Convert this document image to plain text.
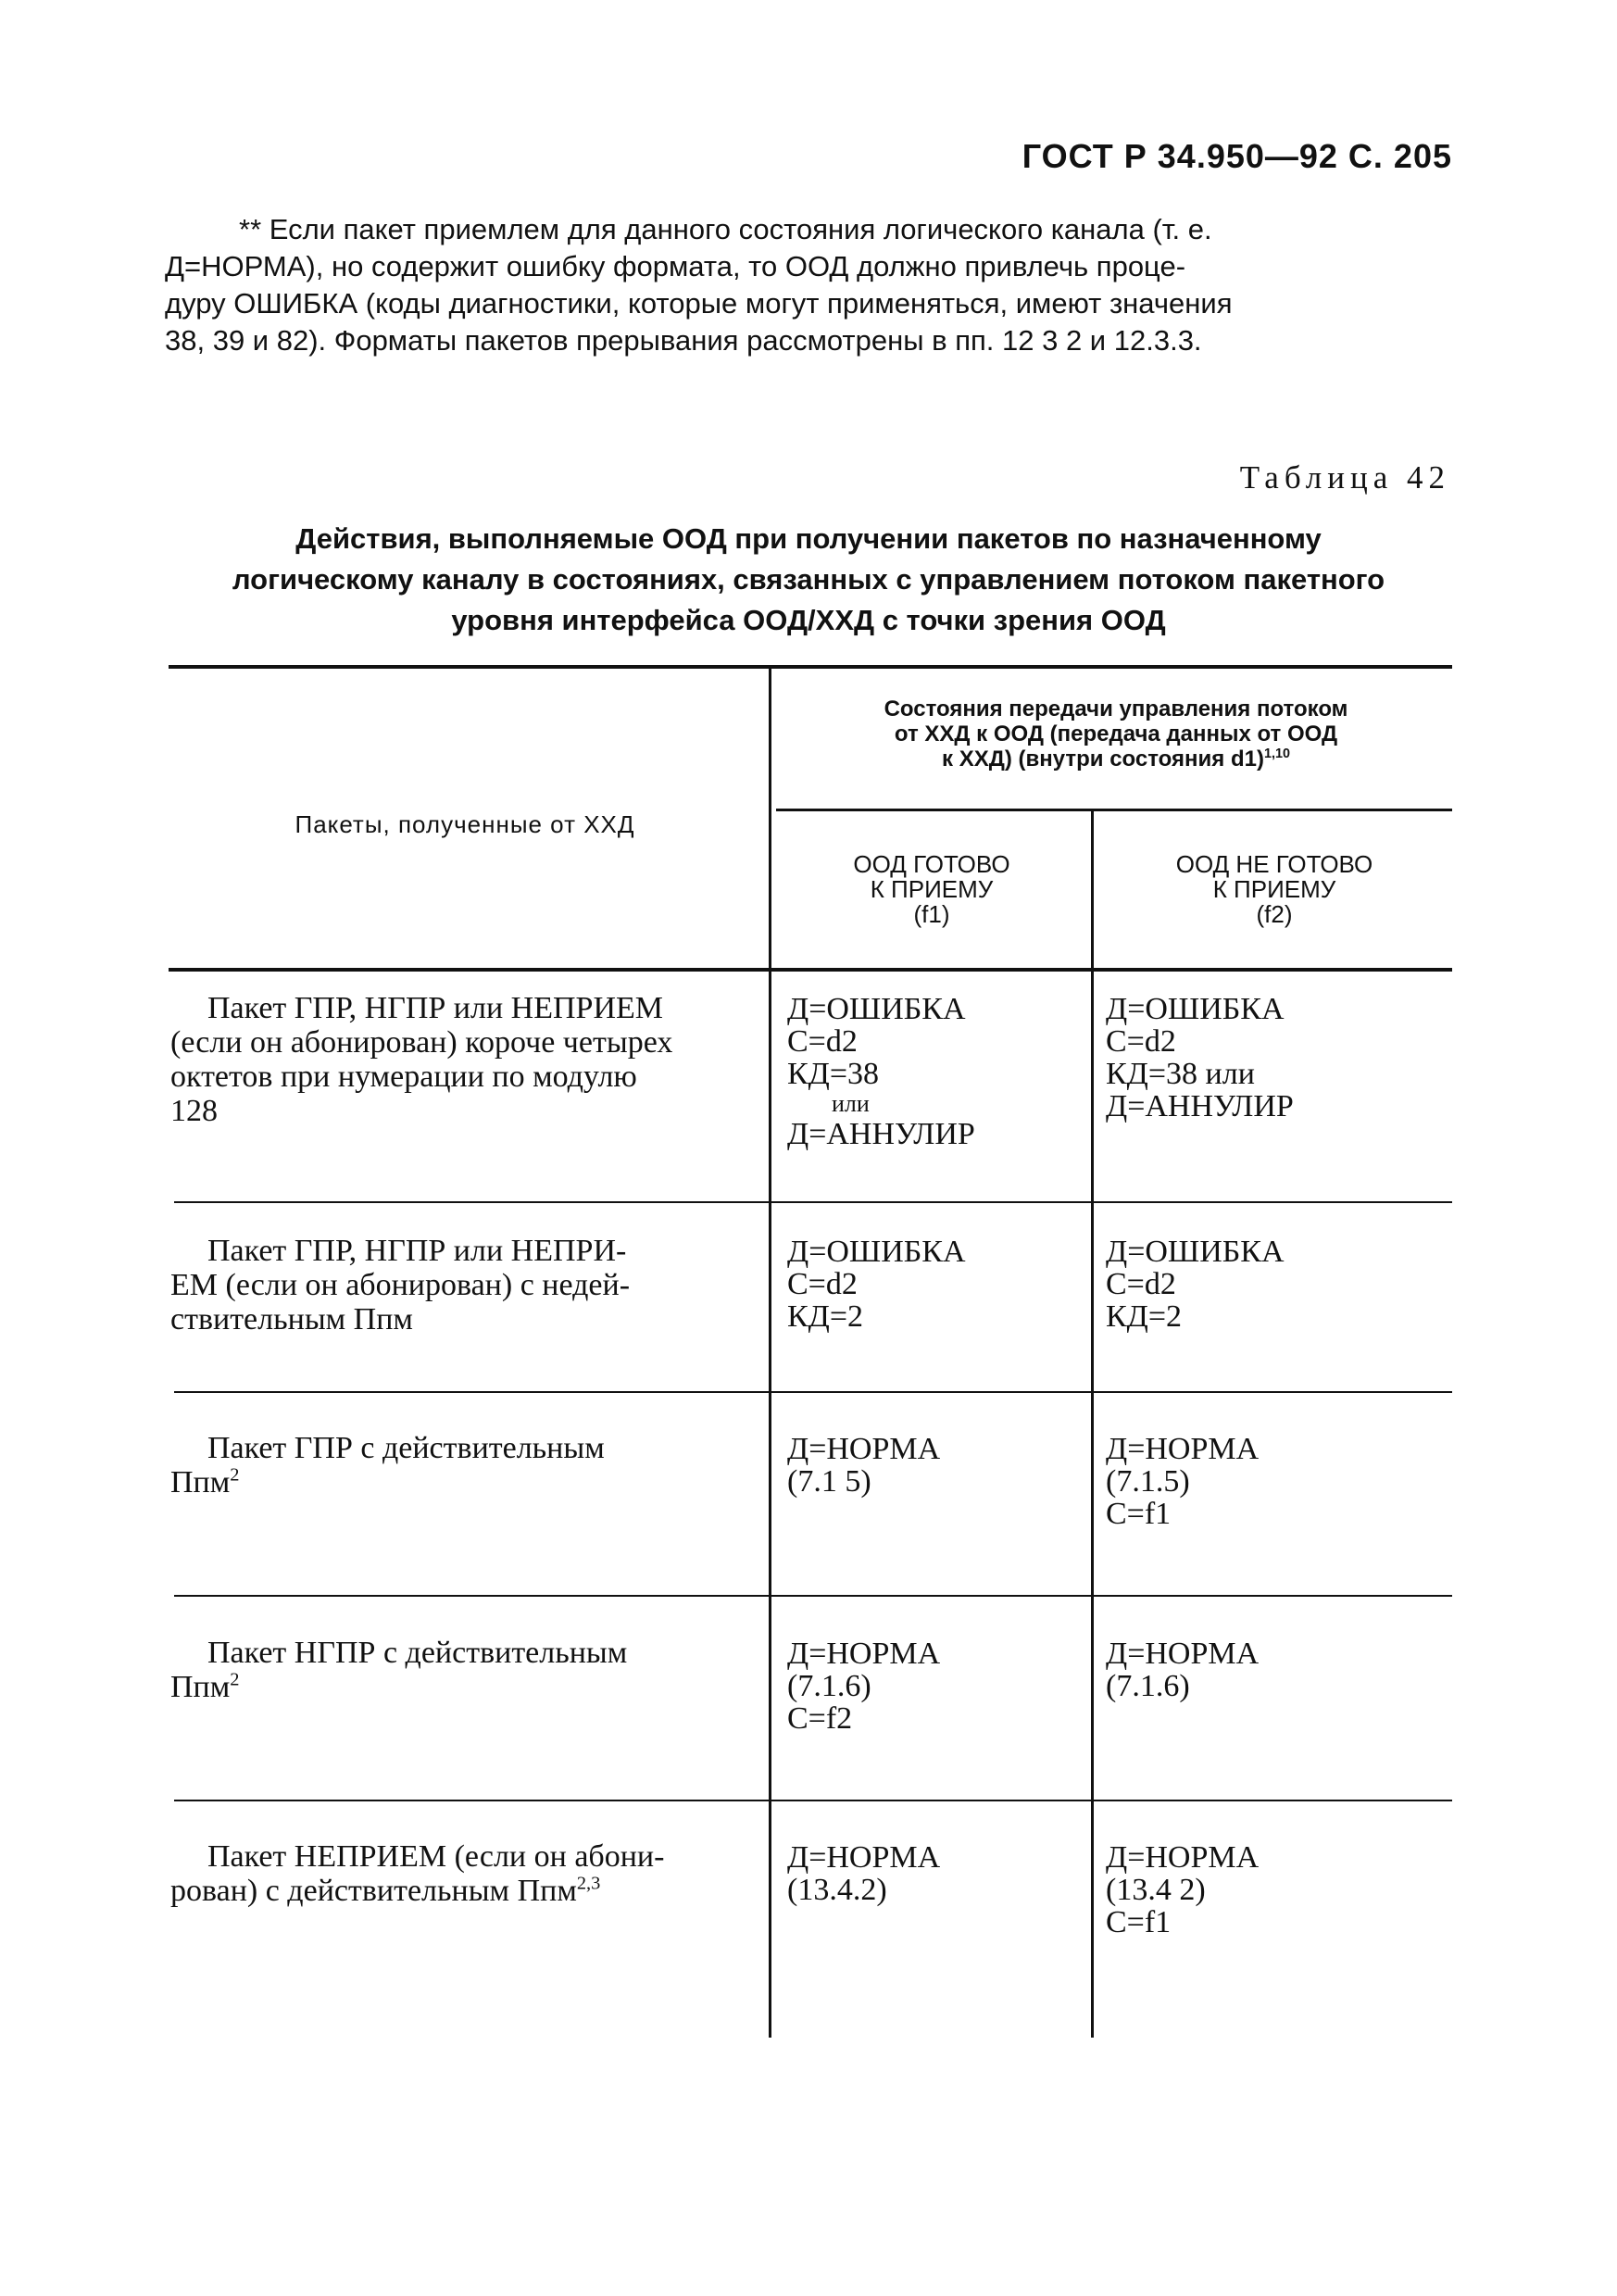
ГОСТ Р 34.950—92 С. 205
** Если пакет приемлем для данного состояния логического канала (т. е.
Д=НОРМА), но содержит ошибку формата, то ООД должно привлечь проце-
дуру ОШИБКА (коды диагностики, которые могут применяться, имеют значения
38, 39 и 82). Форматы пакетов прерывания рассмотрены в пп. 12 3 2 и 12.3.3.
Таблица 42
Действия, выполняемые ООД при получении пакетов по назначенному
логическому каналу в состояниях, связанных с управлением потоком пакетного
уровня интерфейса ООД/ХХД с точки зрения ООД
Пакеты, полученные от ХХД
Состояния передачи управления потоком
от ХХД к ООД (передача данных от ООД
к ХХД) (внутри состояния d1)$^{1,10}$
ООД ГОТОВО
К ПРИЕМУ
(f1)
ООД НЕ ГОТОВО
К ПРИЕМУ
(f2)
Пакет ГПР, НГПР или НЕПРИЕМ
(если он абонирован) короче четырех
октетов при нумерации по модулю
128
Д=ОШИБКА
С=d2
КД=38
или
Д=АННУЛИР
Д=ОШИБКА
С=d2
КД=38 или
Д=АННУЛИР
Пакет ГПР, НГПР или НЕПРИ-
ЕМ (если он абонирован) с недей-
ствительным Ппм
Д=ОШИБКА
С=d2
КД=2
Д=ОШИБКА
С=d2
КД=2
Пакет ГПР с действительным
Ппм$^2$
Д=НОРМА
(7.1 5)
Д=НОРМА
(7.1.5)
С=f1
Пакет НГПР с действительным
Ппм$^2$
Д=НОРМА
(7.1.6)
С=f2
Д=НОРМА
(7.1.6)
Пакет НЕПРИЕМ (если он абони-
рован) с действительным Ппм$^{2,3}$
Д=НОРМА
(13.4.2)
Д=НОРМА
(13.4 2)
С=f1
